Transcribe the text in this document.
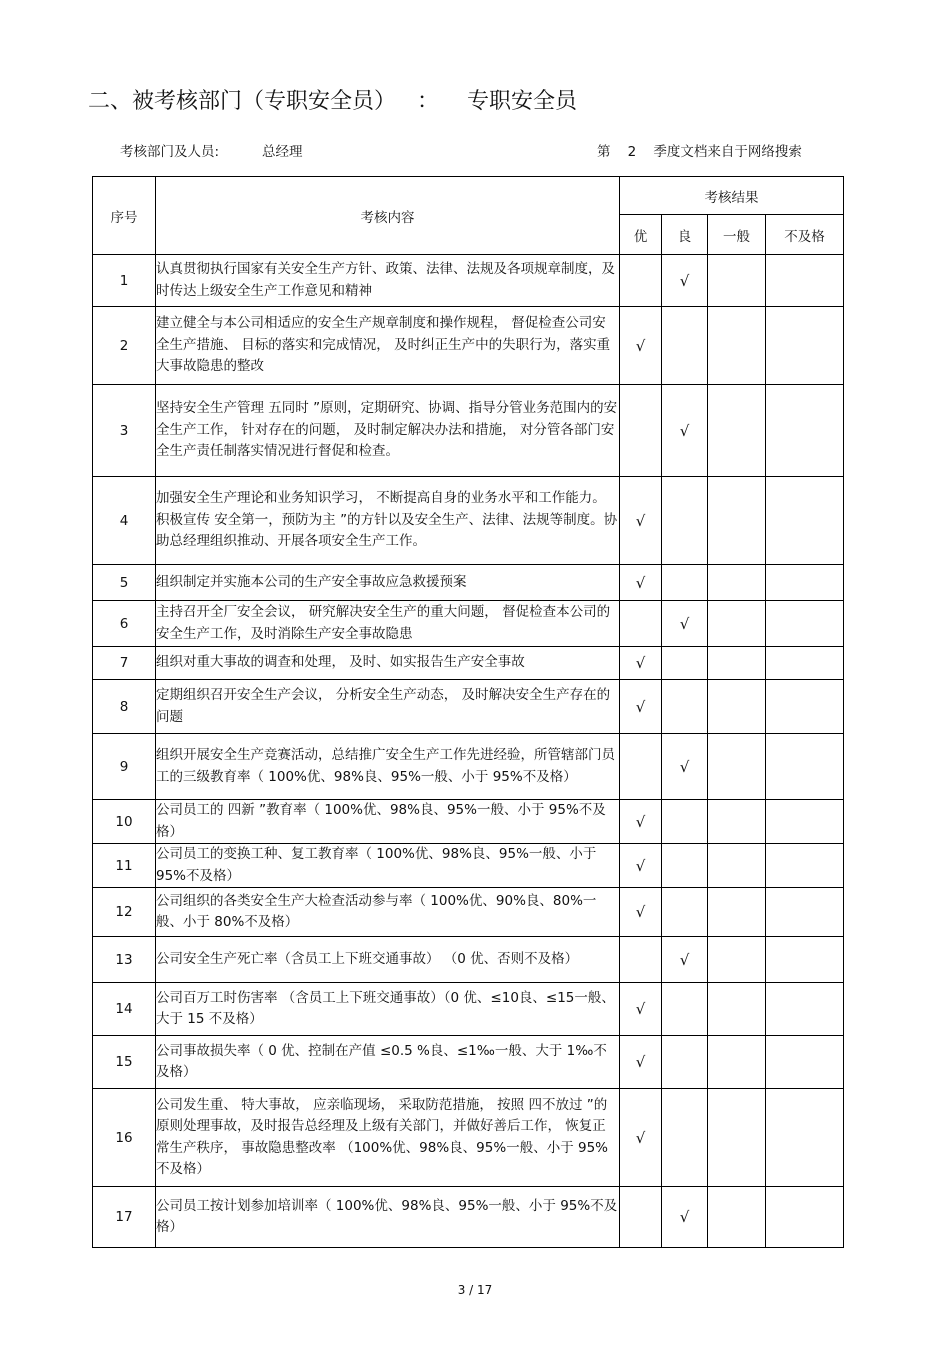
二、被考核部门（专职安全员）   ：    专职安全员
考核部门及人员:          总经理	第    2    季度文档来自于网络搜索
序号	考核内容	考核结果			
		优	良	一般	不及格
1	认真贯彻执行国家有关安全生产方针、政策、法律、法规及各项规章制度，及时传达上级安全生产工作意见和精神		√		
2	建立健全与本公司相适应的安全生产规章制度和操作规程， 督促检查公司安全生产措施、 目标的落实和完成情况， 及时纠正生产中的失职行为，落实重大事故隐患的整改	√			
3	坚持安全生产管理 五同时 ”原则，定期研究、协调、指导分管业务范围内的安全生产工作， 针对存在的问题， 及时制定解决办法和措施， 对分管各部门安全生产责任制落实情况进行督促和检查。		√		
4	加强安全生产理论和业务知识学习， 不断提高自身的业务水平和工作能力。积极宣传 安全第一，预防为主 ”的方针以及安全生产、法律、法规等制度。协助总经理组织推动、开展各项安全生产工作。	√			
5	组织制定并实施本公司的生产安全事故应急救援预案	√			
6	主持召开全厂安全会议， 研究解决安全生产的重大问题， 督促检查本公司的安全生产工作，及时消除生产安全事故隐患		√		
7	组织对重大事故的调查和处理， 及时、如实报告生产安全事故	√			
8	定期组织召开安全生产会议， 分析安全生产动态， 及时解决安全生产存在的问题	√			
9	组织开展安全生产竞赛活动，总结推广安全生产工作先进经验，所管辖部门员工的三级教育率（ 100%优、98%良、95%一般、小于 95%不及格）		√		
10	公司员工的 四新 ”教育率（ 100%优、98%良、95%一般、小于 95%不及格）	√			
11	公司员工的变换工种、复工教育率（ 100%优、98%良、95%一般、小于 95%不及格）	√			
12	公司组织的各类安全生产大检查活动参与率（ 100%优、90%良、80%一般、小于 80%不及格）	√			
13	公司安全生产死亡率（含员工上下班交通事故） （0 优、否则不及格）		√		
14	公司百万工时伤害率 （含员工上下班交通事故）（0 优、≤10良、≤15一般、大于 15 不及格）	√			
15	公司事故损失率（ 0 优、控制在产值 ≤0.5 %良、≤1‰一般、大于 1‰不及格）	√			
16	公司发生重、 特大事故， 应亲临现场， 采取防范措施， 按照 四不放过 ”的原则处理事故，及时报告总经理及上级有关部门，并做好善后工作， 恢复正常生产秩序， 事故隐患整改率 （100%优、98%良、95%一般、小于 95%不及格）	√			
17	公司员工按计划参加培训率（ 100%优、98%良、95%一般、小于 95%不及格）		√		
3 / 17
